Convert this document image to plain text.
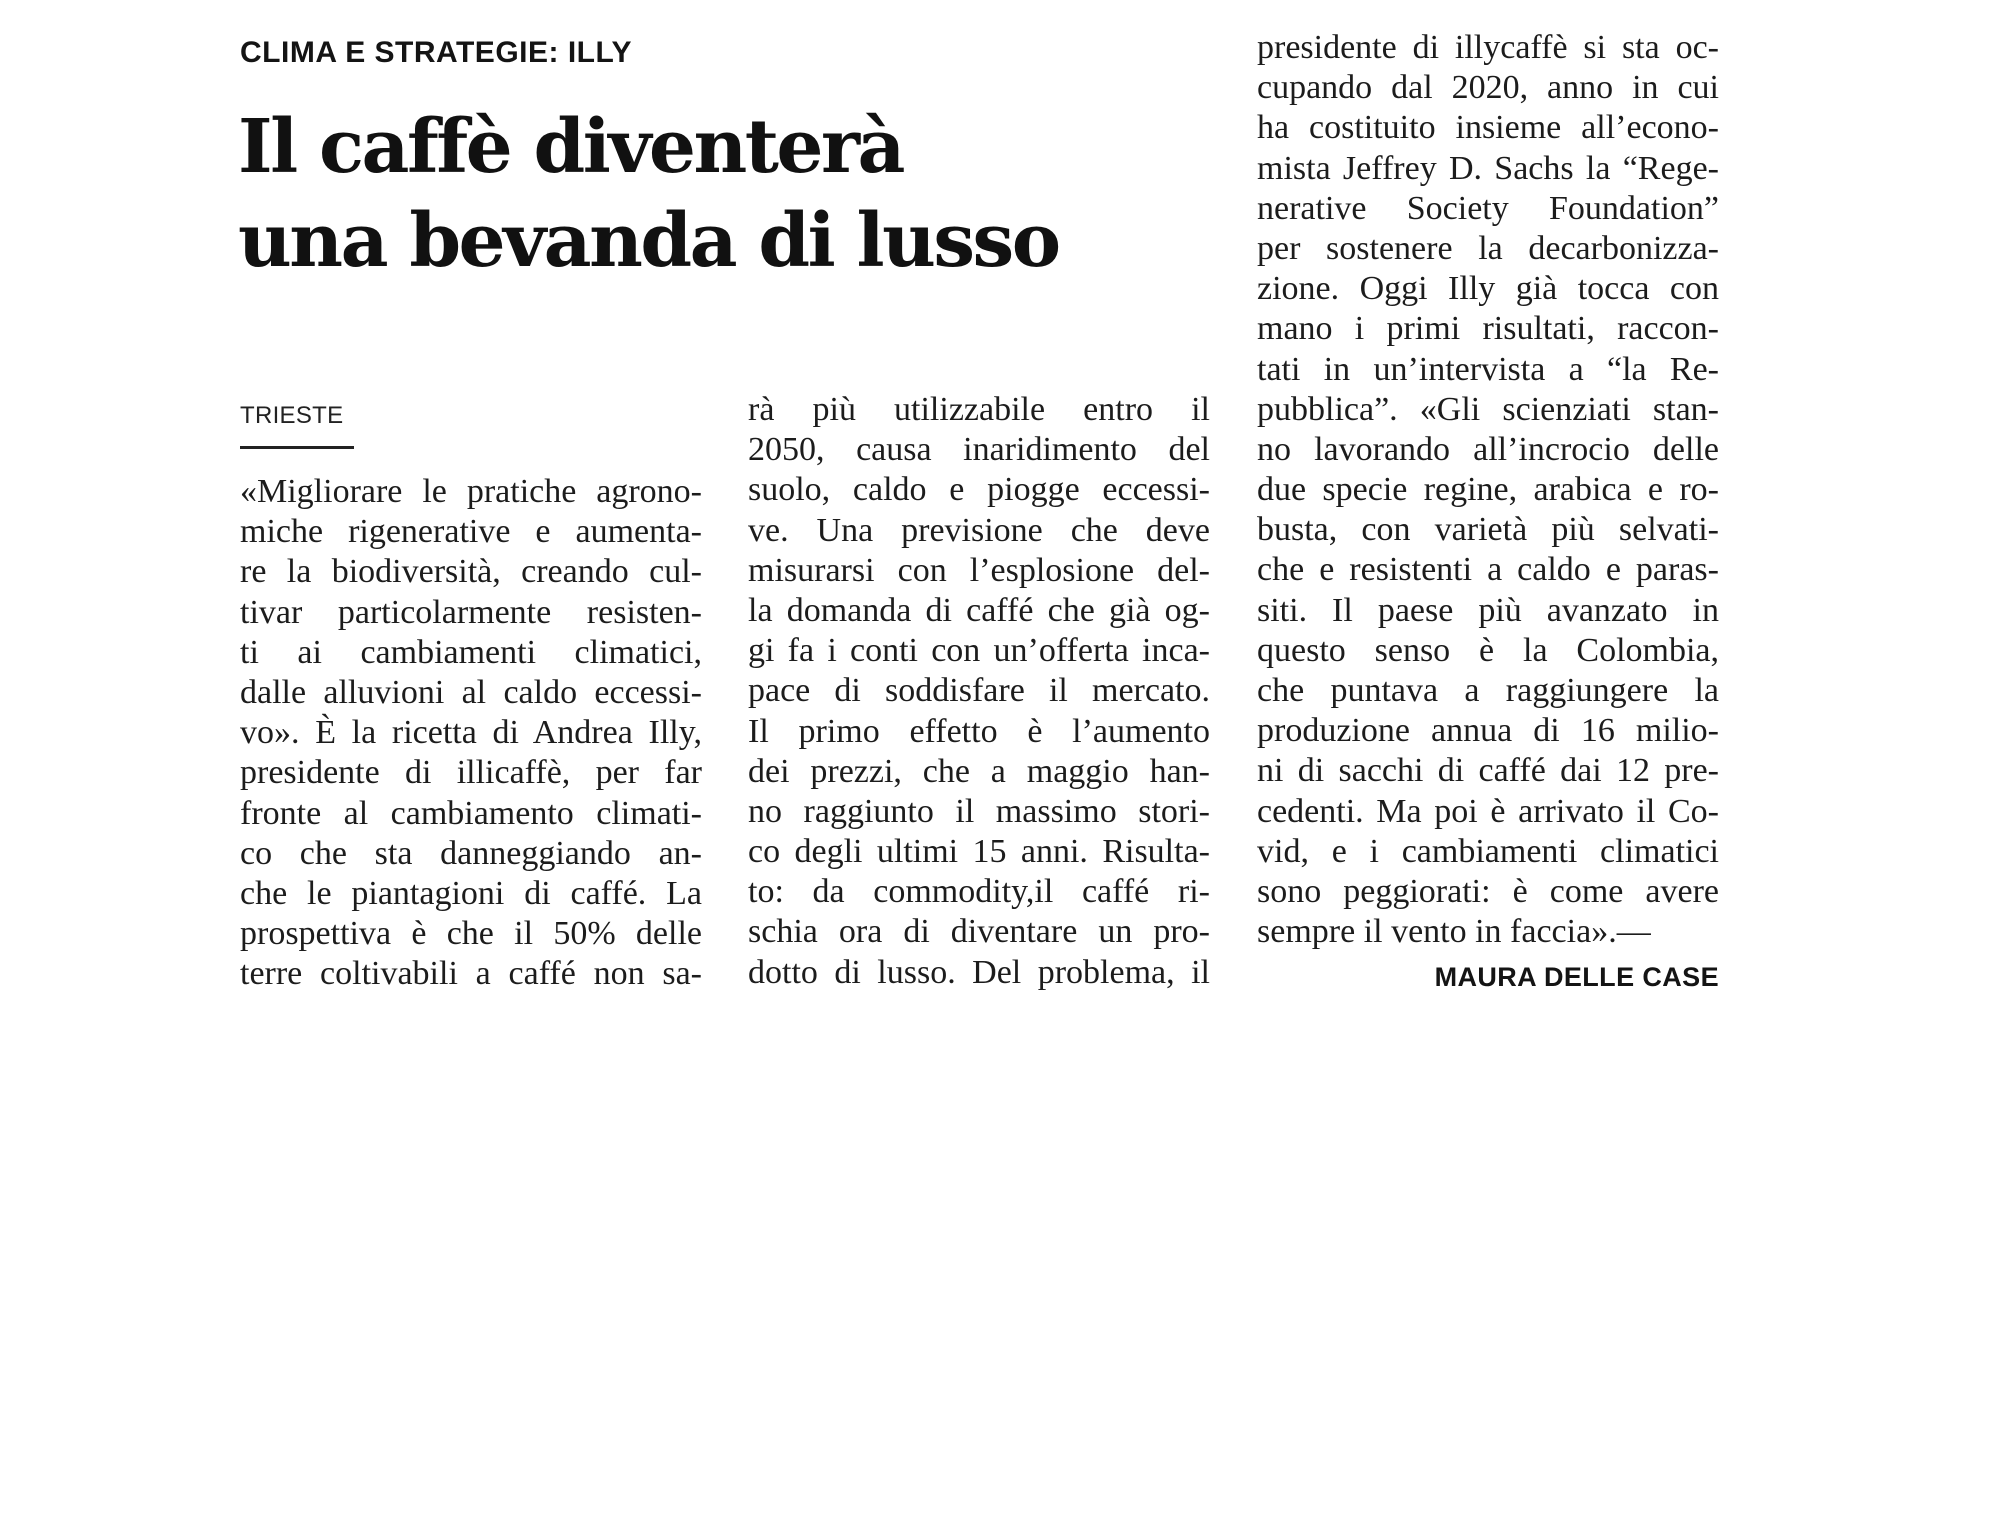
CLIMA E STRATEGIE: ILLY
Il caffè diventerà
una bevanda di lusso
TRIESTE
«Migliorare le pratiche agrono-
miche rigenerative e aumenta-
re la biodiversità, creando cul-
tivar particolarmente resisten-
ti ai cambiamenti climatici,
dalle alluvioni al caldo eccessi-
vo». È la ricetta di Andrea Illy,
presidente di illicaffè, per far
fronte al cambiamento climati-
co che sta danneggiando an-
che le piantagioni di caffé. La
prospettiva è che il 50% delle
terre coltivabili a caffé non sa-
rà più utilizzabile entro il
2050, causa inaridimento del
suolo, caldo e piogge eccessi-
ve. Una previsione che deve
misurarsi con l’esplosione del-
la domanda di caffé che già og-
gi fa i conti con un’offerta inca-
pace di soddisfare il mercato.
Il primo effetto è l’aumento
dei prezzi, che a maggio han-
no raggiunto il massimo stori-
co degli ultimi 15 anni. Risulta-
to: da commodity,il caffé ri-
schia ora di diventare un pro-
dotto di lusso. Del problema, il
presidente di illycaffè si sta oc-
cupando dal 2020, anno in cui
ha costituito insieme all’econo-
mista Jeffrey D. Sachs la “Rege-
nerative Society Foundation”
per sostenere la decarbonizza-
zione. Oggi Illy già tocca con
mano i primi risultati, raccon-
tati in un’intervista a “la Re-
pubblica”. «Gli scienziati stan-
no lavorando all’incrocio delle
due specie regine, arabica e ro-
busta, con varietà più selvati-
che e resistenti a caldo e paras-
siti. Il paese più avanzato in
questo senso è la Colombia,
che puntava a raggiungere la
produzione annua di 16 milio-
ni di sacchi di caffé dai 12 pre-
cedenti. Ma poi è arrivato il Co-
vid, e i cambiamenti climatici
sono peggiorati: è come avere
sempre il vento in faccia».—
MAURA DELLE CASE
